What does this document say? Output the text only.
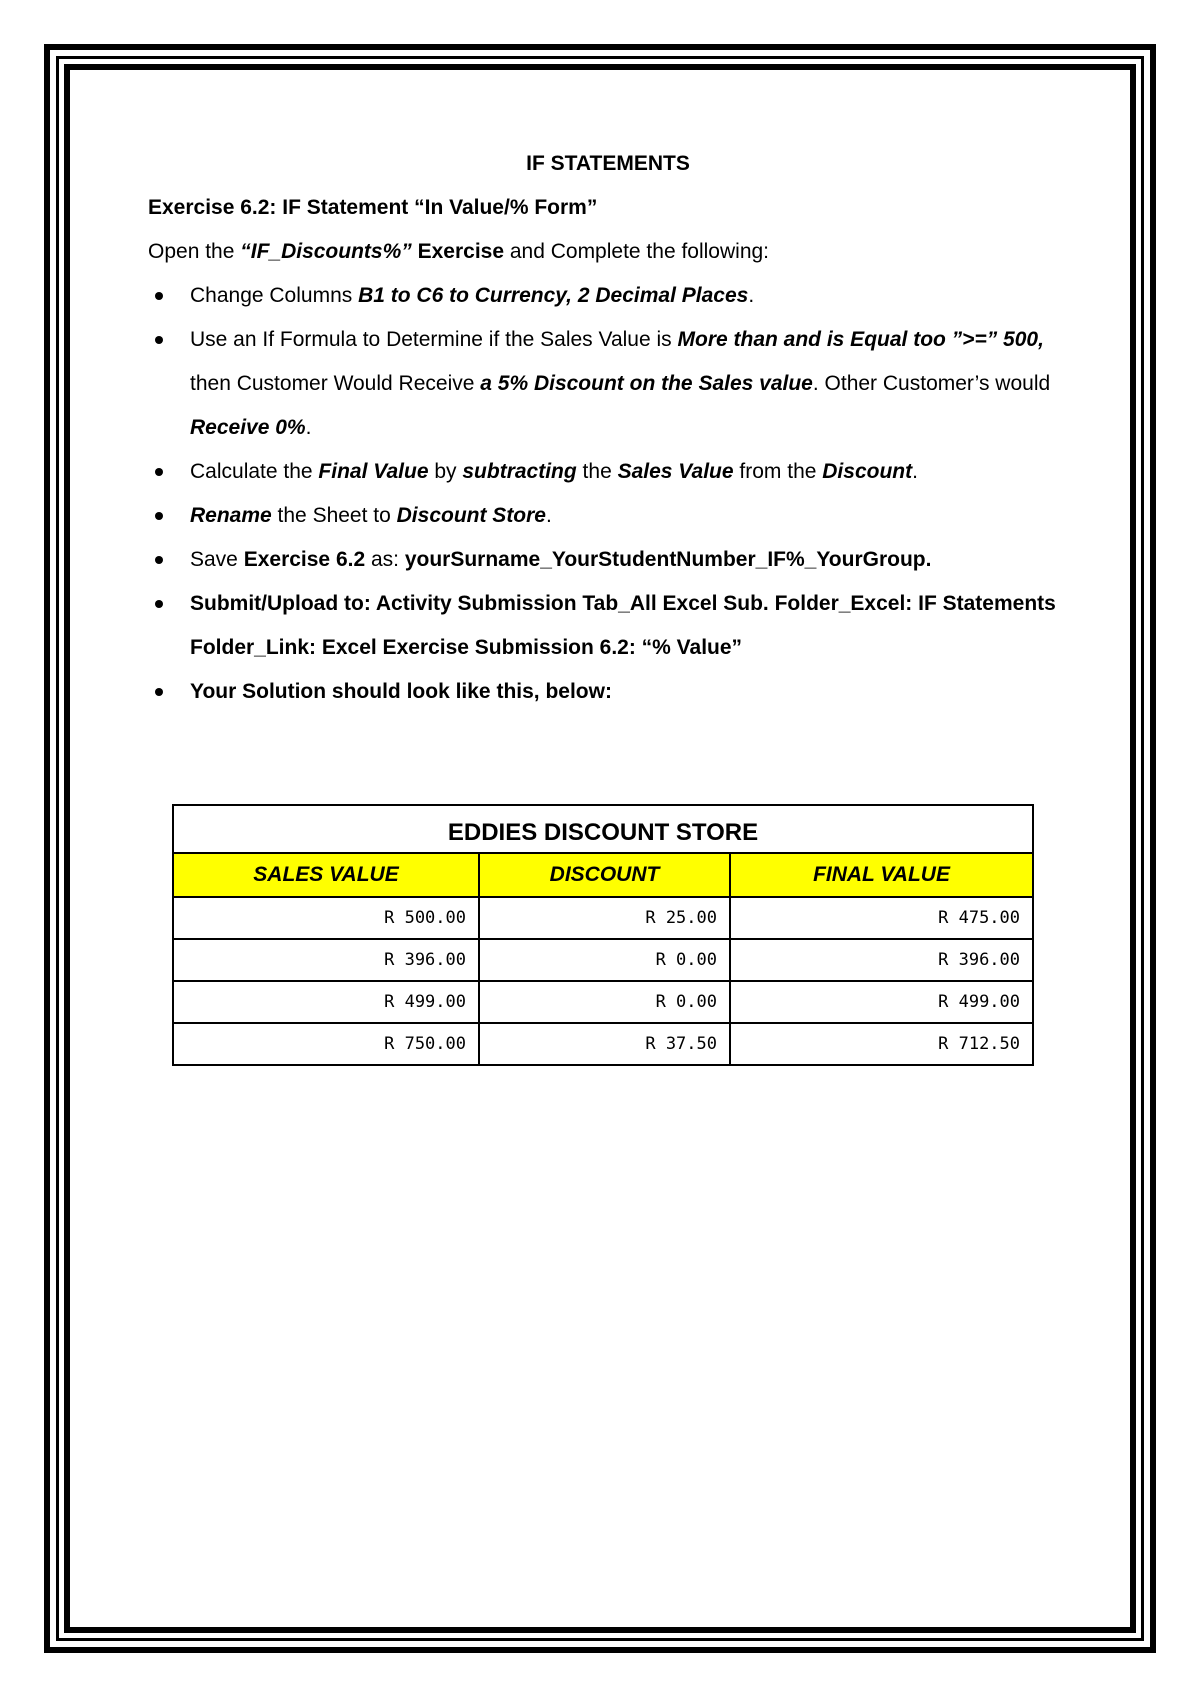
IF STATEMENTS
Exercise 6.2: IF Statement “In Value/% Form”
Open the “IF_Discounts%” Exercise and Complete the following:
Change Columns B1 to C6 to Currency, 2 Decimal Places.
Use an If Formula to Determine if the Sales Value is More than and is Equal too ”>=” 500, then Customer Would Receive a 5% Discount on the Sales value. Other Customer’s would Receive 0%.
Calculate the Final Value by subtracting the Sales Value from the Discount.
Rename the Sheet to Discount Store.
Save Exercise 6.2 as: yourSurname_YourStudentNumber_IF%_YourGroup.
Submit/Upload to: Activity Submission Tab_All Excel Sub. Folder_Excel: IF Statements Folder_Link: Excel Exercise Submission 6.2: “% Value”
Your Solution should look like this, below:
EDDIES DISCOUNT STORE		
SALES VALUE	DISCOUNT	FINAL VALUE
R 500.00	R 25.00	R 475.00
R 396.00	R 0.00	R 396.00
R 499.00	R 0.00	R 499.00
R 750.00	R 37.50	R 712.50
